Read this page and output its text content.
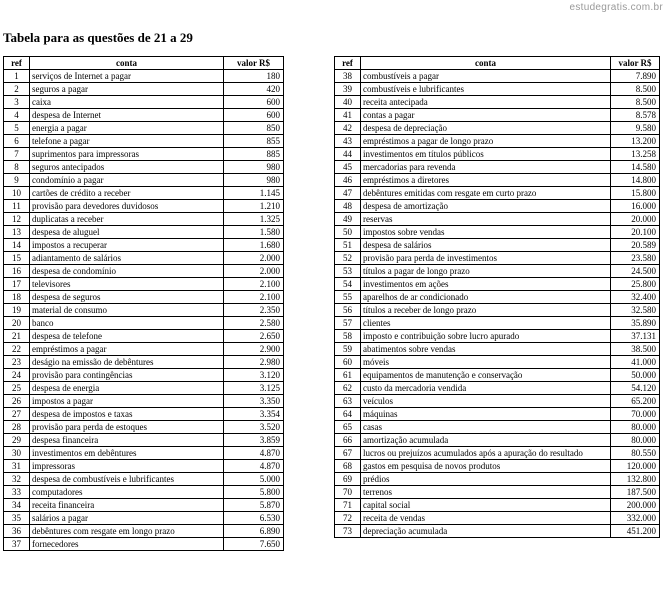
estudegratis.com.br
Tabela para as questões de 21 a 29
ref	conta	valor R$
1	serviços de Internet a pagar	180
2	seguros a pagar	420
3	caixa	600
4	despesa de Internet	600
5	energia a pagar	850
6	telefone a pagar	855
7	suprimentos para impressoras	885
8	seguros antecipados	980
9	condomínio a pagar	980
10	cartões de crédito a receber	1.145
11	provisão para devedores duvidosos	1.210
12	duplicatas a receber	1.325
13	despesa de aluguel	1.580
14	impostos a recuperar	1.680
15	adiantamento de salários	2.000
16	despesa de condomínio	2.000
17	televisores	2.100
18	despesa de seguros	2.100
19	material de consumo	2.350
20	banco	2.580
21	despesa de telefone	2.650
22	empréstimos a pagar	2.900
23	deságio na emissão de debêntures	2.980
24	provisão para contingências	3.120
25	despesa de energia	3.125
26	impostos a pagar	3.350
27	despesa de impostos e taxas	3.354
28	provisão para perda de estoques	3.520
29	despesa financeira	3.859
30	investimentos em debêntures	4.870
31	impressoras	4.870
32	despesa de combustíveis e lubrificantes	5.000
33	computadores	5.800
34	receita financeira	5.870
35	salários a pagar	6.530
36	debêntures com resgate em longo prazo	6.890
37	fornecedores	7.650
ref	conta	valor R$
38	combustíveis a pagar	7.890
39	combustíveis e lubrificantes	8.500
40	receita antecipada	8.500
41	contas a pagar	8.578
42	despesa de depreciação	9.580
43	empréstimos a pagar de longo prazo	13.200
44	investimentos em títulos públicos	13.258
45	mercadorias para revenda	14.580
46	empréstimos a diretores	14.800
47	debêntures emitidas com resgate em curto prazo	15.800
48	despesa de amortização	16.000
49	reservas	20.000
50	impostos sobre vendas	20.100
51	despesa de salários	20.589
52	provisão para perda de investimentos	23.580
53	títulos a pagar de longo prazo	24.500
54	investimentos em ações	25.800
55	aparelhos de ar condicionado	32.400
56	títulos a receber de longo prazo	32.580
57	clientes	35.890
58	imposto e contribuição sobre lucro apurado	37.131
59	abatimentos sobre vendas	38.500
60	móveis	41.000
61	equipamentos de manutenção e conservação	50.000
62	custo da mercadoria vendida	54.120
63	veículos	65.200
64	máquinas	70.000
65	casas	80.000
66	amortização acumulada	80.000
67	lucros ou prejuízos acumulados após a apuração do resultado	80.550
68	gastos em pesquisa de novos produtos	120.000
69	prédios	132.800
70	terrenos	187.500
71	capital social	200.000
72	receita de vendas	332.000
73	depreciação acumulada	451.200
